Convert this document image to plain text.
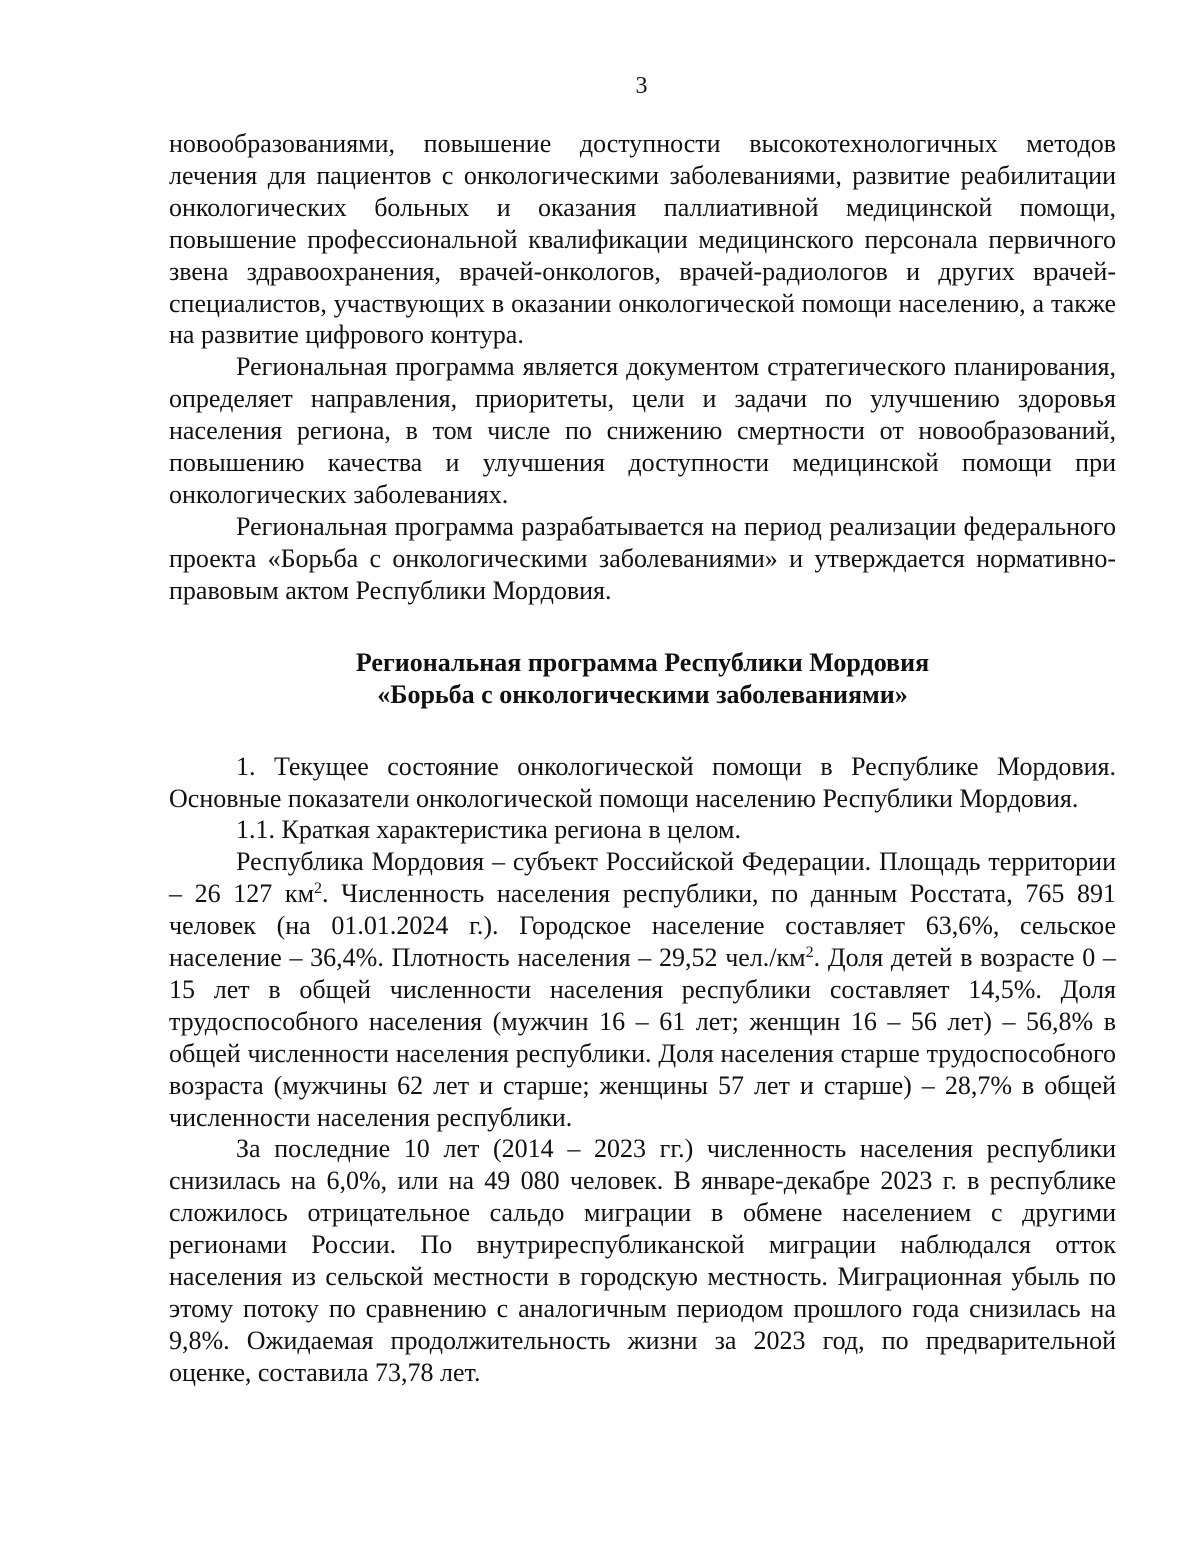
3

новообразованиями, повышение доступности высокотехнологичных методов лечения для пациентов с онкологическими заболеваниями, развитие реабилитации онкологических больных и оказания паллиативной медицинской помощи, повышение профессиональной квалификации медицинского персонала первичного звена здравоохранения, врачей-онкологов, врачей-радиологов и других врачей-специалистов, участвующих в оказании онкологической помощи населению, а также на развитие цифрового контура.

Региональная программа является документом стратегического планирования, определяет направления, приоритеты, цели и задачи по улучшению здоровья населения региона, в том числе по снижению смертности от новообразований, повышению качества и улучшения доступности медицинской помощи при онкологических заболеваниях.

Региональная программа разрабатывается на период реализации федерального проекта «Борьба с онкологическими заболеваниями» и утверждается нормативно-правовым актом Республики Мордовия.

Региональная программа Республики Мордовия
«Борьба с онкологическими заболеваниями»

1. Текущее состояние онкологической помощи в Республике Мордовия. Основные показатели онкологической помощи населению Республики Мордовия.

1.1. Краткая характеристика региона в целом.

Республика Мордовия – субъект Российской Федерации. Площадь территории – 26 127 $км^2$. Численность населения республики, по данным Росстата, 765 891 человек (на 01.01.2024 г.). Городское население составляет 63,6%, сельское население – 36,4%. Плотность населения – 29,52 $чел./км^2$. Доля детей в возрасте 0 – 15 лет в общей численности населения республики составляет 14,5%. Доля трудоспособного населения (мужчин 16 – 61 лет; женщин 16 – 56 лет) – 56,8% в общей численности населения республики. Доля населения старше трудоспособного возраста (мужчины 62 лет и старше; женщины 57 лет и старше) – 28,7% в общей численности населения республики.

За последние 10 лет (2014 – 2023 гг.) численность населения республики снизилась на 6,0%, или на 49 080 человек. В январе-декабре 2023 г. в республике сложилось отрицательное сальдо миграции в обмене населением с другими регионами России. По внутриреспубликанской миграции наблюдался отток населения из сельской местности в городскую местность. Миграционная убыль по этому потоку по сравнению с аналогичным периодом прошлого года снизилась на 9,8%. Ожидаемая продолжительность жизни за 2023 год, по предварительной оценке, составила 73,78 лет.
